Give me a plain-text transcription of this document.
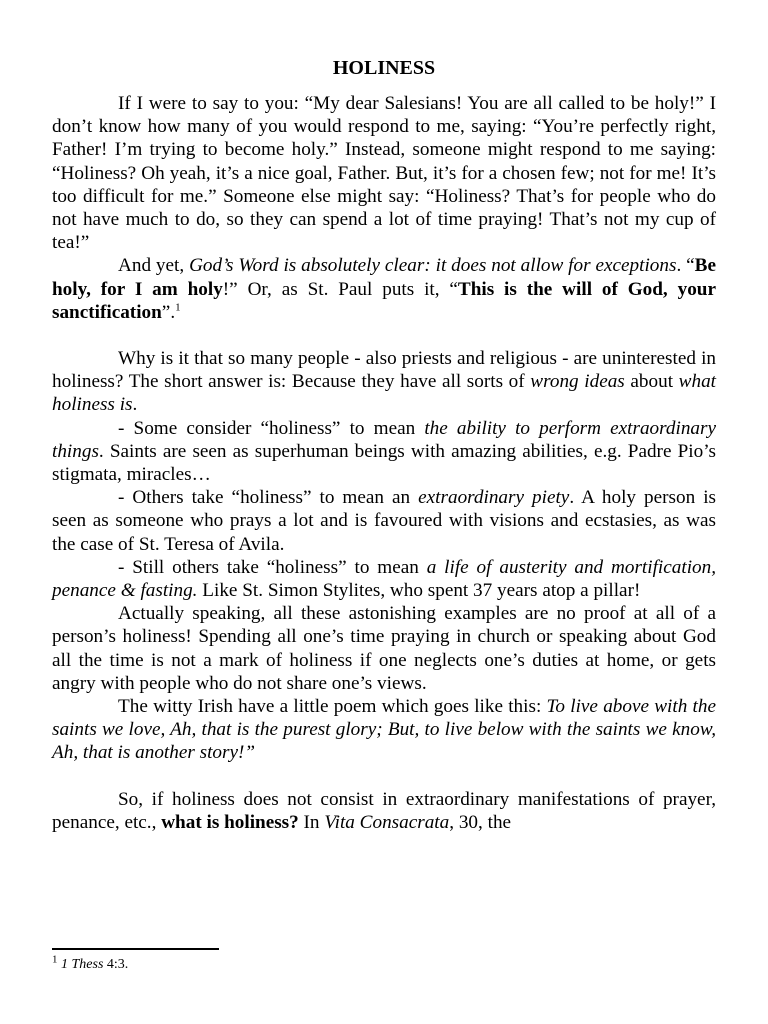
HOLINESS

If I were to say to you: “My dear Salesians! You are all called to be holy!” I don’t know how many of you would respond to me, saying: “You’re perfectly right, Father! I’m trying to become holy.” Instead, someone might respond to me saying: “Holiness? Oh yeah, it’s a nice goal, Father. But, it’s for a chosen few; not for me! It’s too difficult for me.” Someone else might say: “Holiness? That’s for people who do not have much to do, so they can spend a lot of time praying! That’s not my cup of tea!”

And yet, God’s Word is absolutely clear: it does not allow for exceptions. “Be holy, for I am holy!” Or, as St. Paul puts it, “This is the will of God, your sanctification”.$^1$

Why is it that so many people - also priests and religious - are uninterested in holiness? The short answer is: Because they have all sorts of wrong ideas about what holiness is.

- Some consider “holiness” to mean the ability to perform extraordinary things. Saints are seen as superhuman beings with amazing abilities, e.g. Padre Pio’s stigmata, miracles…

- Others take “holiness” to mean an extraordinary piety. A holy person is seen as someone who prays a lot and is favoured with visions and ecstasies, as was the case of St. Teresa of Avila.

- Still others take “holiness” to mean a life of austerity and mortification, penance & fasting. Like St. Simon Stylites, who spent 37 years atop a pillar!

Actually speaking, all these astonishing examples are no proof at all of a person’s holiness! Spending all one’s time praying in church or speaking about God all the time is not a mark of holiness if one neglects one’s duties at home, or gets angry with people who do not share one’s views.

The witty Irish have a little poem which goes like this: To live above with the saints we love, Ah, that is the purest glory; But, to live below with the saints we know, Ah, that is another story!”

So, if holiness does not consist in extraordinary manifestations of prayer, penance, etc., what is holiness? In Vita Consacrata, 30, the

$^1$ 1 Thess 4:3.
